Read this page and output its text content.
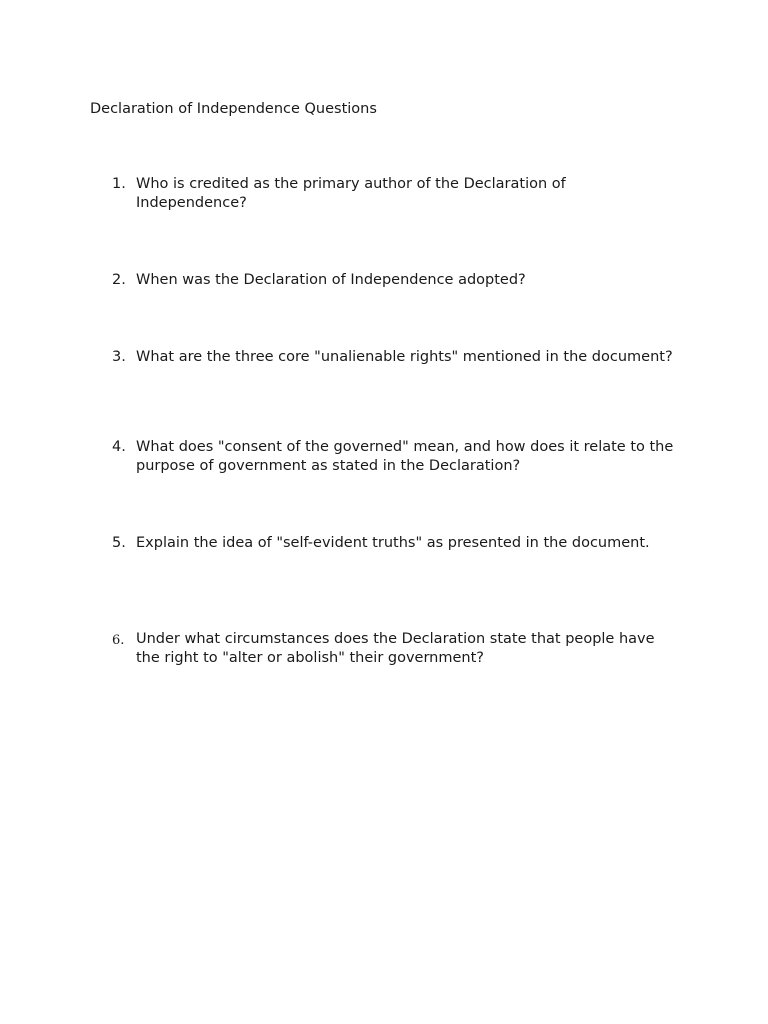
Declaration of Independence Questions
1. Who is credited as the primary author of the Declaration of Independence?
2. When was the Declaration of Independence adopted?
3. What are the three core "unalienable rights" mentioned in the document?
4. What does "consent of the governed" mean, and how does it relate to the purpose of government as stated in the Declaration?
5. Explain the idea of "self-evident truths" as presented in the document.
6. Under what circumstances does the Declaration state that people have the right to "alter or abolish" their government?
